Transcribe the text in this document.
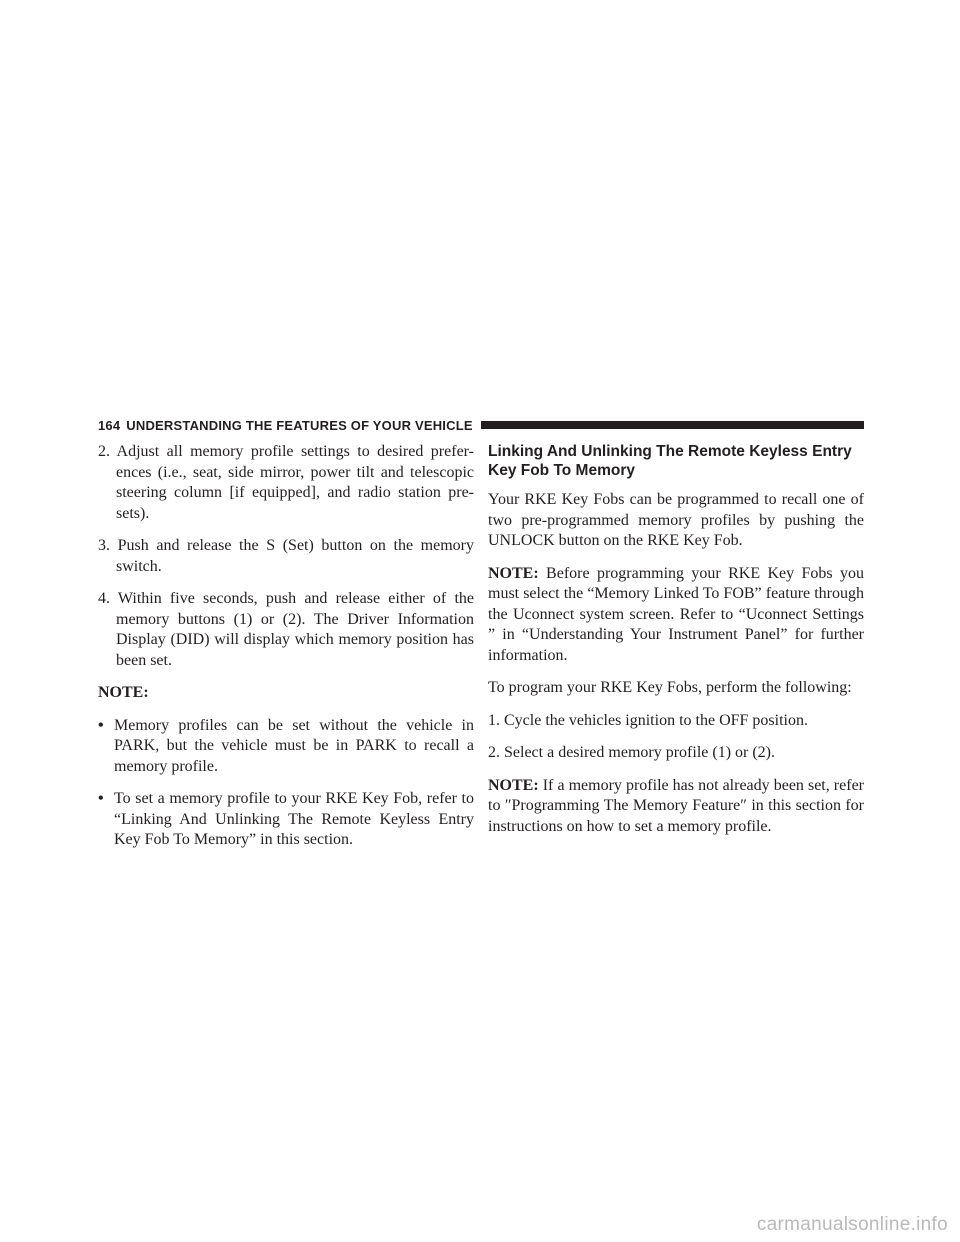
164 UNDERSTANDING THE FEATURES OF YOUR VEHICLE

2. Adjust all memory profile settings to desired prefer- ences (i.e., seat, side mirror, power tilt and telescopic steering column [if equipped], and radio station pre- sets).

3. Push and release the S (Set) button on the memory switch.

4. Within five seconds, push and release either of the memory buttons (1) or (2). The Driver Information Display (DID) will display which memory position has been set.

NOTE:

• Memory profiles can be set without the vehicle in PARK, but the vehicle must be in PARK to recall a memory profile.

• To set a memory profile to your RKE Key Fob, refer to “Linking And Unlinking The Remote Keyless Entry Key Fob To Memory” in this section.

Linking And Unlinking The Remote Keyless Entry Key Fob To Memory

Your RKE Key Fobs can be programmed to recall one of two pre-programmed memory profiles by pushing the UNLOCK button on the RKE Key Fob.

NOTE: Before programming your RKE Key Fobs you must select the “Memory Linked To FOB” feature through the Uconnect system screen. Refer to “Uconnect Settings ” in “Understanding Your Instrument Panel” for further information.

To program your RKE Key Fobs, perform the following:

1. Cycle the vehicles ignition to the OFF position.

2. Select a desired memory profile (1) or (2).

NOTE: If a memory profile has not already been set, refer to ″Programming The Memory Feature″ in this section for instructions on how to set a memory profile.

carmanualsonline.info
